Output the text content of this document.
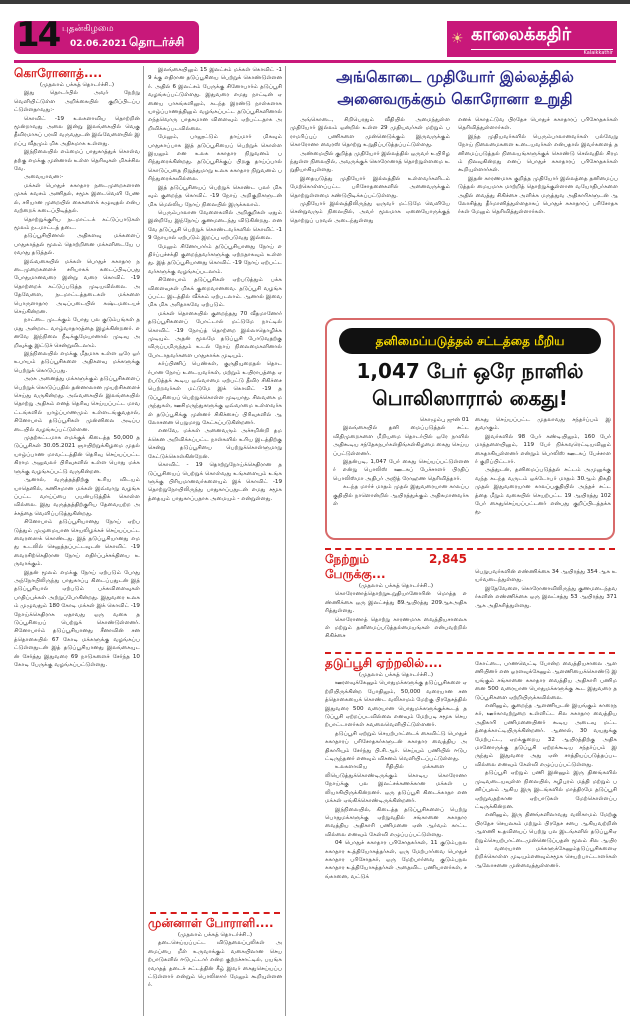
14 புதன்கிழமை
02.06.2021 தொடர்ச்சி	☀ காலைக்கதிர்
Kalaikkathir

கொரோனாத்....

(முதலாம் பக்கத் தொடர்ச்சி..)

இது தொடர்பில் அவர் நேற்று வெளியிட்டுள்ள அறிக்கையில் குறிப்பிடப்பட்டுள்ளதாவது:-

கொவிட் -19 உலகளாவிய தொற்றின் மூன்றாவது அலை இன்று இலங்கையில் வெகு தீவிரமாகப் பரவி வருவதுடன் இவ்வேளையில் இறப்பு வீதமும் மிக அதிகமாக உள்ளது.

இந்நிலையில் எம்மைப் பாதுகாத்துக் கொள்வதற்கு எமக்கு முன்னால் உள்ள தெரிவுகள் மிகச்சிலவே.

அவையாவன:-

மக்கள் பொதுச் சுகாதார நடைமுறைகளான முகக் கவசம் அணிதல், சமூக இடைவெளி பேணல், சரியான முறையில் கைகளைக் கழுவுதல் என்பவற்றைக் கடைப்பிடித்தல்.

தொற்றுக்குரிய நடமாட்டக் கட்டுப்பாடுகள் மூலம் நடமாட்டத் தடை.

தடுப்பூசியினால் அதிகளவு மக்களைப் பாதுகாத்தல் மூலம் தொற்றினை மக்களிடையே பரவாது தடுத்தல்.

இவ்வகையில் மக்கள் பொதுச் சுகாதார நடைமுறைகளைச் சரியாகக் கடைப்பிடிப்பது போதுமானவரை இன்று வரை கொவிட் -19 தொற்றைக் கட்டுப்படுத்த முடியவில்லை. அதேவேளை, நடமாட்டத்தடைகள் மக்களை பொருளாதார அடிப்படையில் கஷ்டமடையச் செய்கின்றன.

நாட்டை முடக்கும் போது பல குடும்பங்கள் தமது அன்றாட வாழ்வாதாரத்தை இழக்கின்றனர். எனவே இந்நிலை நீடிக்குமேயானால் முடிவு அறிவுக்கு இட்டுச் சென்றுவிடலாம்.

இந்நிலையில் எமக்கு மீதமாக உள்ள ஒரே ஓர் உபாயம் தடுப்பூசிகளை அதிகளவு மக்களுக்கு பெற்றுக் கொடுப்பது.

அரசு அனைத்து மக்களுக்கும் தடுப்பூசிகளைப் பெற்றுக் கொடுப்பதில் தன்னாலான முயற்சிகளைச் செய்து வருகின்றது. அவ்வகையில் இலங்கையில் தொற்று அதிகம் எனத் தெரிவு செய்யப்பட்ட மாவட்டங்களில் யாழ்ப்பாணமும் உள்ளடங்குவதால், சினோபாம் தடுப்பூசிகள் முன்னிலை அடிப்படையில் வழங்கப்பட்டுள்ளன.

முதற்கட்டமாக எமக்குக் கிடைத்த 50,000 தடுப்பூசிகள் 30.05.2021 ஞாயிற்றுக்கிழமை முதல் யாழ்ப்பாண மாவட்டத்தின் தெரிவு செய்யப்பட்ட கிராம அலுவலர் பிரிவுகளில் உள்ள பொது மக்களுக்கு வழங்கப்பட்டு வருகின்றன.

ஆனால், வருத்தத்திற்கு உரிய விடயம் யாதெனில், கணிசமான மக்கள் இவ்வாறு வழங்கப்பட்ட வாய்ப்பை பயன்படுத்திக் கொள்ளவில்லை. இது வருத்தத்திற்குரிய தேவையற்ற அச்சத்தை வெளிப்படுத்துகின்றது.

சினோபாம் தடுப்பூசியானது நோய் ஏற்படுத்தும் முழுமையான செயலிழக்கச் செய்யப்பட்ட வைரஸைக் கொண்டது. இத் தடுப்பூசியானது எமது உடலில் செலுத்தப்பட்டவுடன் கொவிட் -19 வைரசிற்கெதிரான நோய் எதிர்ப்புச்சக்தியை உருவாக்கும்.

இதன் மூலம் எமக்கு நோய் ஏற்படும் போது அந்நோயிலிருந்து பாதுகாப்பு கிடைப்பதுடன் இத் தடுப்பூசியால் ஏற்படும் பக்கவிளைவுகள் பாதிப்புக்கள் அற்றுப்போகின்றது. இதுவரை உலகம் முழுவதும் 180 கோடி மக்கள் இக் கொவிட் -19 நோய்க்கெதிராக ஏதாவது ஒரு வகை தடுப்பூசியைப் பெற்றுக் கொண்டுள்ளனர். சினோபார்ம் தடுப்பூசியானது சீனாவின் சனத்தொகையில் 67 கோடி மக்களுக்கு வழங்கப்பட்டுள்ளதுடன் இத் தடுப்பூசியானது இலங்கையுடன் சேர்த்து இதுவரை 69 நாடுகளைச் சேர்ந்த 10 கோடி பேருக்கு வழங்கப்பட்டுள்ளது.

இலங்கையிலும் 15 இலட்சம் மக்கள் கொவிட் -19 க்கு எதிரான தடுப்பூசியை பெற்றுக் கொண்டுள்ளனர். அதில் 6 இலட்சம் பேருக்கு சினோபார்ம் தடுப்பூசி வழங்கப்பட்டுள்ளது. இதுவரை எமது நாட்டின் ஏனைய பாகங்களிலும், கடந்த இரண்டு நாள்களாக யாழ்ப்பாணத்திலும் வழங்கப்பட்ட தடுப்பூசிகளினால் எந்தவொரு பாதகமான விளைவும் ஏற்பட்டதாக அறிவிக்கப்படவில்லை.

மேலும், பாலூட்டும் தாய்மார் மிகவும் பாதுகாப்பாக இத் தடுப்பூசியைப் பெற்றுக் கொள்ள இயலும் என உலக சுகாதார நிறுவனம் பரிந்துரைக்கின்றது. தடுப்பூசிக்குப் பிறகு தாய்ப்பால் கொடுப்பதை நிறுத்துமாறு உலக சுகாதார நிறுவனம் பரிந்துரைக்கவில்லை.

இத் தடுப்பூசியைப் பெற்றுக் கொண்ட பலர் மிகவும் குறைந்த கொவிட் -19 நோய் அறிகுறிகளுடன் மிக மெல்லிய நோய் நிலையில் இருக்கலாம்.

பெரும்பாலான வேளைகளில் அறிகுறிகள் ஏதும் இன்றியே இந்நோய் குணமடைந்து விடுகின்றது. எனவே தடுப்பூசி பெற்றுக் கொண்டவர்களில் கொவிட் -19 நோயால் ஏற்படும் இறப்பு ஏற்படுவது இல்லை.

மேலும் சினோபார்ம் தடுப்பூசியானது நோய் எதிர்ப்புச்சக்தி குறைந்தவர்களுக்கு ஏற்றதாகவும் உள்ளது. இத் தடுப்பூசியானது கொவிட் -19 நோய் ஏற்பட்டவர்களுக்கு வழங்கப்படலாம்.

சினோபாம் தடுப்பூசிகள் ஏற்படுத்தும் பக்கவிளைவுகள் மிகக் குறைவானவை. தடுப்பூசி வழங்கப்பட்ட இடத்தில் வீக்கம் ஏற்படலாம். ஆனால் இவை மிக மிக அரிதாகவே ஏற்படும்.

மக்கள் தொகையில் குறைந்தது 70 வீதமானோர் தடுப்பூசிகளைப் போட்டால் மட்டுமே நாட்டில் கொவிட் -19 நோய்த் தொற்றை இல்லாதொழிக்க முடியும். அதன் மூலமே தடுப்பூசி போடுவதற்கு விருப்பமிருந்தும் உடல் நோய் நிலைமைகளினால் போடாதவர்களை பாதுகாக்க முடியும்.

கர்ப்பிணிப் பெண்கள், குருதியுறைதல் தொடர்பான நோய் உடையவர்கள், மற்றும் உயிராபத்தை ஏற்படுத்தக் கூடிய ஒவ்வாமை ஏற்பட்டு தீவிர சிகிச்சை பெற்றவர்கள் மட்டுமே இக் கொவிட் -19 தடுப்பூசியைப் பெற்றுக்கொள்ள முடியாது. சிலவகை மருந்துகள், ஊசிமருந்துகளுக்கு ஒவ்வாமை உள்ளவர்கள் தடுப்பூசிக்கு முன்னர் சிகிச்சைப் பிரிவுகளில் ஆலோசனை பெறுமாறு கேட்கப்படுகின்றனர்.

எனவே, மக்கள் அனைவரும் அச்சமின்றி தமக்கென அறிவிக்கப்பட்ட நாள்களில் உரிய இடத்திற்கு சென்று தடுப்பூசியை பெற்றுக்கொள்ளுமாறு கேட்டுக்கொள்கின்றேன்.

கொவிட் - 19 தொற்றுநோய்க்கெதிரான தடுப்பூசியைப் பெற்றுக் கொள்வது உங்களையும் உங்களுக்கு பிரியமானவர்களையும் இக் கொவிட் -19 தொற்றுநோயிலிருந்து பாதுகாப்பதுடன் எமது சமூகத்தையும் பாதுகாப்பதாக அமையும் - என்றுள்ளது.

முன்னாள் போராளி....

(முதலாம் பக்கத் தொடர்ச்சி..)

தடைசெய்யப்பட்ட விடுதலைப்புலிகள் அமைப்பை மீள் உருவாக்கும் வகையிலான செயற்பாடுகளில் ஈடுபட்டார் என்ற குற்றச்சாட்டில், பயங்கரவாதத் தடைச் சட்டத்தின் கீழ் இவர் கைதுசெய்யப்பட்டுள்ளார் என்றும் பொலிஸார் மேலும் கூறியுள்ளனர்.

அங்கொடை முதியோர் இல்லத்தில்
அனைவருக்கும் கொரோனா உறுதி

அங்கொடை, சிறிபெரதும் வீதியில் அமைந்துள்ள முதியோர் இல்லம் ஒன்றில் உள்ள 29 முதியவர்கள் மற்றும் பராமரிப்புப் பணிகளை முன்னெடுக்கும் இருவருக்கும் கொரோனா வைரஸ் தொற்று உறுதிப்படுத்தப்பட்டுள்ளது.

அண்மையில் குறித்த முதியோர் இல்லத்தில் ஒருவர் உயிரிழந்துள்ள நிலையில், அவருக்குக் கொரோனாத் தொற்றுள்ளமை உறுதியாகியுள்ளது.

இதையடுத்து முதியோர் இல்லத்தில் உள்ளவர்களிடம் மேற்கொள்ளப்பட்ட பரிசோதனைகளில் அனைவருக்கும் தொற்றுள்ளமை கண்டுபிடிக்கப்பட்டுள்ளது.

முதியோர் இல்லத்திலிருந்து ஒருவர் மட்டுமே வெளியே சென்றுவரும் நிலையில், அவர் மூலமாக ஏனையோருக்குத் தொற்றுப் பரவல் அடைந்துள்ளது

எனக் கொதட்டுவ பிரதேச பொதுச் சுகாதாரப் பரிசோதகர்கள் தெரிவித்துள்ளார்கள்.

இந்த முதியவர்களில் பெரும்பாலானவர்கள் பல்வேறு நோய் நிலைமைகளை உடையவர்கள் என்பதால் இவர்களைத் தனிமைப்படுத்தல் நிலையங்களுக்குக் கொண்டு செல்வதில் சிரமம் நிலவுகின்றது எனப் பொதுச் சுகாதாரப் பரிசோதகர்கள் கூறியுள்ளார்கள்.

இதன் காரணமாக குறித்த முதியோர் இல்லத்தை தனிமைப்படுத்தல் மையமாக மாற்றித் தொற்றுக்குள்ளான வயோதிபர்களை அதில் வைத்து சிகிச்சை அளிக்க மருத்துவ அதிகாரிகளுடன் ஆலோசித்து தீர்மானித்துள்ளதாகப் பொதுச் சுகாதாரப் பரிசோதகர்கள் மேலும் தெரிவித்துள்ளார்கள்.

தனிமைப்படுத்தல் சட்டத்தை மீறிய
1,047 பேர் ஒரே நாளில்
பொலிஸாரால் கைது!

கொழும்பு ஜுன் 01

இலங்கையில் தனி மைப்படுத்தல் சட்ட விதிமுறைகளை மீறியமை தொடர்பில் ஒரே நாளில் அதிகூடிய சந்தேகநபர்கள்திங்கள்கிழமை கைது செய்யப்பட்டுள்ளனர்.

இதன்படி, 1,047 பேர் கைது செய்யப்பட்டுள்ளனர் என்று பொலிஸ் ஊடகப் பேச்சாளர் பிரதிப் பொலிஸ்மா அதிபர் அஜித் ரோஹண தெரிவித்தார்.

கடந்த மார்ச் மாதம் முதல் இதுவரையான காலப்பகுதியில் நாளொன்றில் ஆயிரத்துக்கும் அதிகமானவர்கள்

கைது செய்யப்பட்ட முதலாவது சந்தர்ப்பம் இதுவாகும்.

இவர்களில் 98 பேர் கண்டியிலும், 160 பேர் மாத்தளையிலும், 119 பேர் நிக்கவரெட்டியவிலும் கைதாகியுள்ளனர் என்றும் பொலிஸ் ஊடகப் பேச்சாளர் குறிப்பிட்டார்.

அத்துடன், தனிமைப்படுத்தல் சட்டம் அமுலுக்கு வந்த கடந்த வருடம் ஒக்டோபர் மாதம் 30ஆம் திகதி முதல் இதுவரையான காலப்பகுதியில் அந்தச் சட்டத்தை மீறும் வகையில் செயற்பட்ட 19 ஆயிரத்து 102 பேர் கைதுசெய்யப்பட்டனர் என்பது குறிப்பிடத்தக்கது.

நேற்றும் 2,845 பேருக்கு...

(முதலாம் பக்கத் தொடர்ச்சி..)

கொரோனாத்தொற்றுஉறுதியானோரின் மொத்த எண்ணிக்கை ஒரு இலட்சத்து 89ஆயிரத்து 209ஆகஅதிகரித்துள்ளது.

கொரோனாத் தொற்று காரணமாக வைத்தியசாலைகள் மற்றும் தனிமைப்படுத்தல்மையங்கள் என்பவற்றில் சிகிச்சை

பெறுபவர்களின் எண்ணிக்கை 34 ஆயிரத்து 354 ஆக உயர்வடைந்துள்ளது.

இதேவேளை, கொரோனாவிலிருந்து குணமடைந்தவர்களின் எண்ணிக்கை ஒரு இலட்சத்து 53 ஆயிரத்து 371 ஆக அதிகரித்துள்ளது.

தடுப்பூசி ஏற்றலில்....

(முதலாம் பக்கத் தொடர்ச்சி..)

ஊரளவுக்கேனும் பொதுமக்களுக்கு தடுப்பூசிகளை ஏற்றியிருக்கின்ற போதிலும், 50,000 வரையான சனத்தொகையைக் கொண்ட வலிகாமம் மேற்கு பிரதேசத்தில் இதுவரை 500 வரையான பொதுமக்களுக்குக்கூடத் தடுப்பூசி ஏற்றப்படவில்லை எனவும் மேற்படி சமூக செயற்பாட்டாளர்கள் கவலைவெளியிட்டுள்ளனர்.

தடுப்பூசி ஏற்றும் செயற்பாட்டைக் கைவிட்டு பொதுச் சுகாதாரப் பரிசோதகர்களுடன் சுகாதார வைத்திய அதிகாரியும் சேர்ந்து பி.சி.ஆர். செய்யும் பணியில் ஈடுபட்டிருந்தனர் எனவும் விசனம் வெளியிடப்பட்டுள்ளது.

உலகளாவிய ரீதியில் மக்களை பலியெடுத்துக்கொண்டிருக்கும் கொடிய கொரோனா நோய்க்கு பல இலட்சக்கணக்கான மக்கள் பலியாகியிருக்கின்றனர். ஒரு தடுப்பூசி கிடைக்காதா என மக்கள் ஏங்கிக்கொண்டிருக்கின்றனர்.

இந்நிலையில், கிடைத்த தடுப்பூசிகளைப் பெற்று பொதுமக்களுக்கு ஏற்றுவதில் சங்கானை சுகாதார வைத்திய அதிகாரி பணிமனை ஏன் ஆர்வம் காட்டவில்லை எனவும் கேள்வி எழுப்பப்பட்டுள்ளது.

04 பொதுச் சுகாதார பரிசோதகர்கள், 11 குடும்பநல சுகாதார உத்தியோகத்தர்கள், ஒரு மேற்பார்வை பொதுச் சுகாதார பரிசோதகர், ஒரு மேற்பார்வை குடும்பநல சுகாதார உத்தியோகத்தர்கள் அதைவிட பணியாளர்கள், சங்கானை, வட்டுக்

கோட்டை, பாணவெட்டி போன்ற வைத்தியசாலை ஆளணியினர் என ஓரளவுக்கேனும் ஆளணியைக்கொண்டு இயங்கும் சங்கானை சுகாதார வைத்திய அதிகாரி பணிமனை 500 வரையான பொதுமக்களுக்கு கூட இதுவரை தடுப்பூசிகளை ஏற்றியிருக்கவில்லை.

எனினும், குறைந்த ஆளணியுடன் இயங்கும் காரைநகர், ஊர்காவற்றுறை உள்ளிட்ட சில சுகாதார வைத்திய அதிகாரி பணிமனையினர் கூடிய அடைவு மட்டத்தைக்காட்டியிருக்கின்றனர். ஆனால், 30 வயதுக்கு மேற்பட்ட, ஏறக்குறைய 32 ஆயிரத்திற்கு அதிகமானோருக்கு தடுப்பூசி ஏற்றக்கூடிய சந்தர்ப்பம் இருந்தும் இதுவரை அது ஏன் சாத்தியப்படுத்தப்படவில்லை எனவும் கேள்வி எழுப்பப்பட்டுள்ளது.

தடுப்பூசி ஏற்றும் பணி இன்னும் இரு தினங்களில் முடிவடையவுள்ள நிலையில், சுழிபுரம் மத்தி மற்றும் பனிப்புலம் ஆகிய இரு இடங்களில் மாத்திரமே தடுப்பூசி ஏற்றுவதற்கான ஏற்பாடுகள் மேற்கொள்ளப்பட்டிருக்கின்றன.

எனினும், இரு தினங்களிலாவது வலிகாமம் மேற்கு பிரதேச செயலகம் மற்றும் பிரதேச சபை ஆகியவற்றின் ஆளணி உதவியைப் பெற்று பல இடங்களில் தடுப்பூசிஏற்றும்செயற்பாட்டைமுன்னெடுப்பதன் மூலம் சில ஆயிரம் வரையான மக்களுக்கேனும்தடுப்பூசிகளைஏற்றிக்கொள்ள முடியும்எனவும்சமூக செயற்பாட்டாளர்கள் ஆலோசனை முன்வைத்துள்ளனர்.
